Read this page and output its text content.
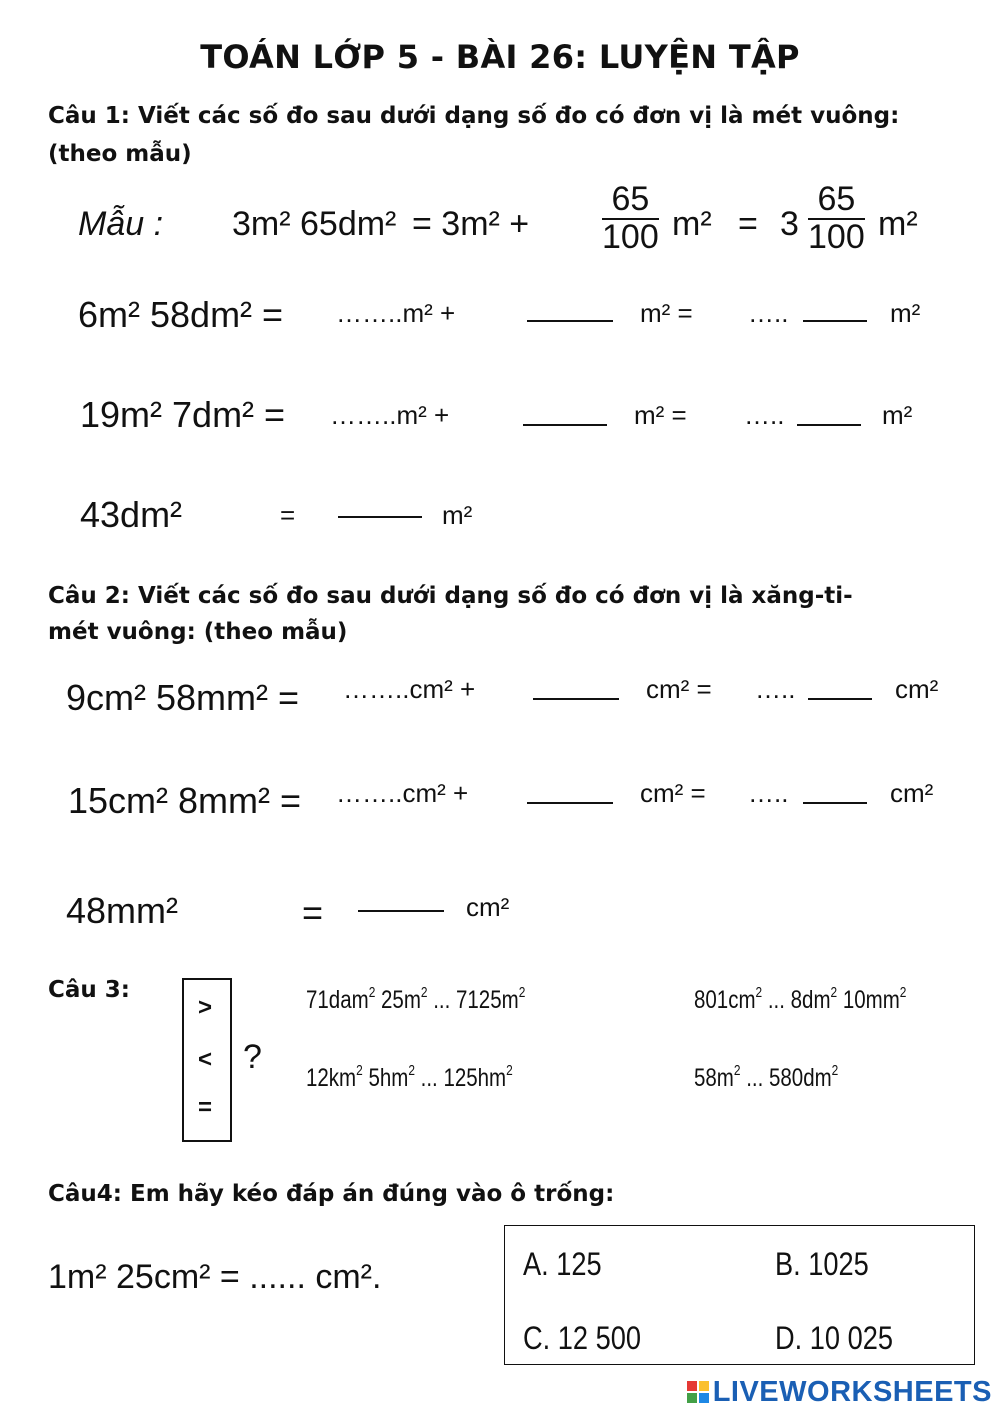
TOÁN LỚP 5 - BÀI 26: LUYỆN TẬP
Câu 1: Viết các số đo sau dưới dạng số đo có đơn vị là mét vuông:
(theo mẫu)
Mẫu : 3m² $65dm^2 = 3m^2 + \frac{65}{100} m^2 = 3 \frac{65}{100} m^2$
6m² 58dm² = ……..m² +	m² = …..	m²
19m² 7dm² = ……..m² +	m² = …..	m²
43dm²	=	m²
Câu 2: Viết các số đo sau dưới dạng số đo có đơn vị là xăng-ti-
mét vuông: (theo mẫu)
9cm² 58mm² = ……..cm² +	cm² = …..	cm²
15cm² 8mm² = ……..cm² +	cm² = …..	cm²
48mm²	=	cm²
Câu 3:
>
<
=
?
71dam$^2$ $25m^2$ ... $7125m^2$	$801cm^2$ ... $8dm^2$ $10mm^2$
$12km^2$ $5hm^2$ ... $125hm^2$	$58m^2$ ... $580dm^2$
Câu4: Em hãy kéo đáp án đúng vào ô trống:
1m² 25cm² = ...... cm².	A. 125	B. 1025
C. 12 500	D. 10 025
LIVEWORKSHEETS
